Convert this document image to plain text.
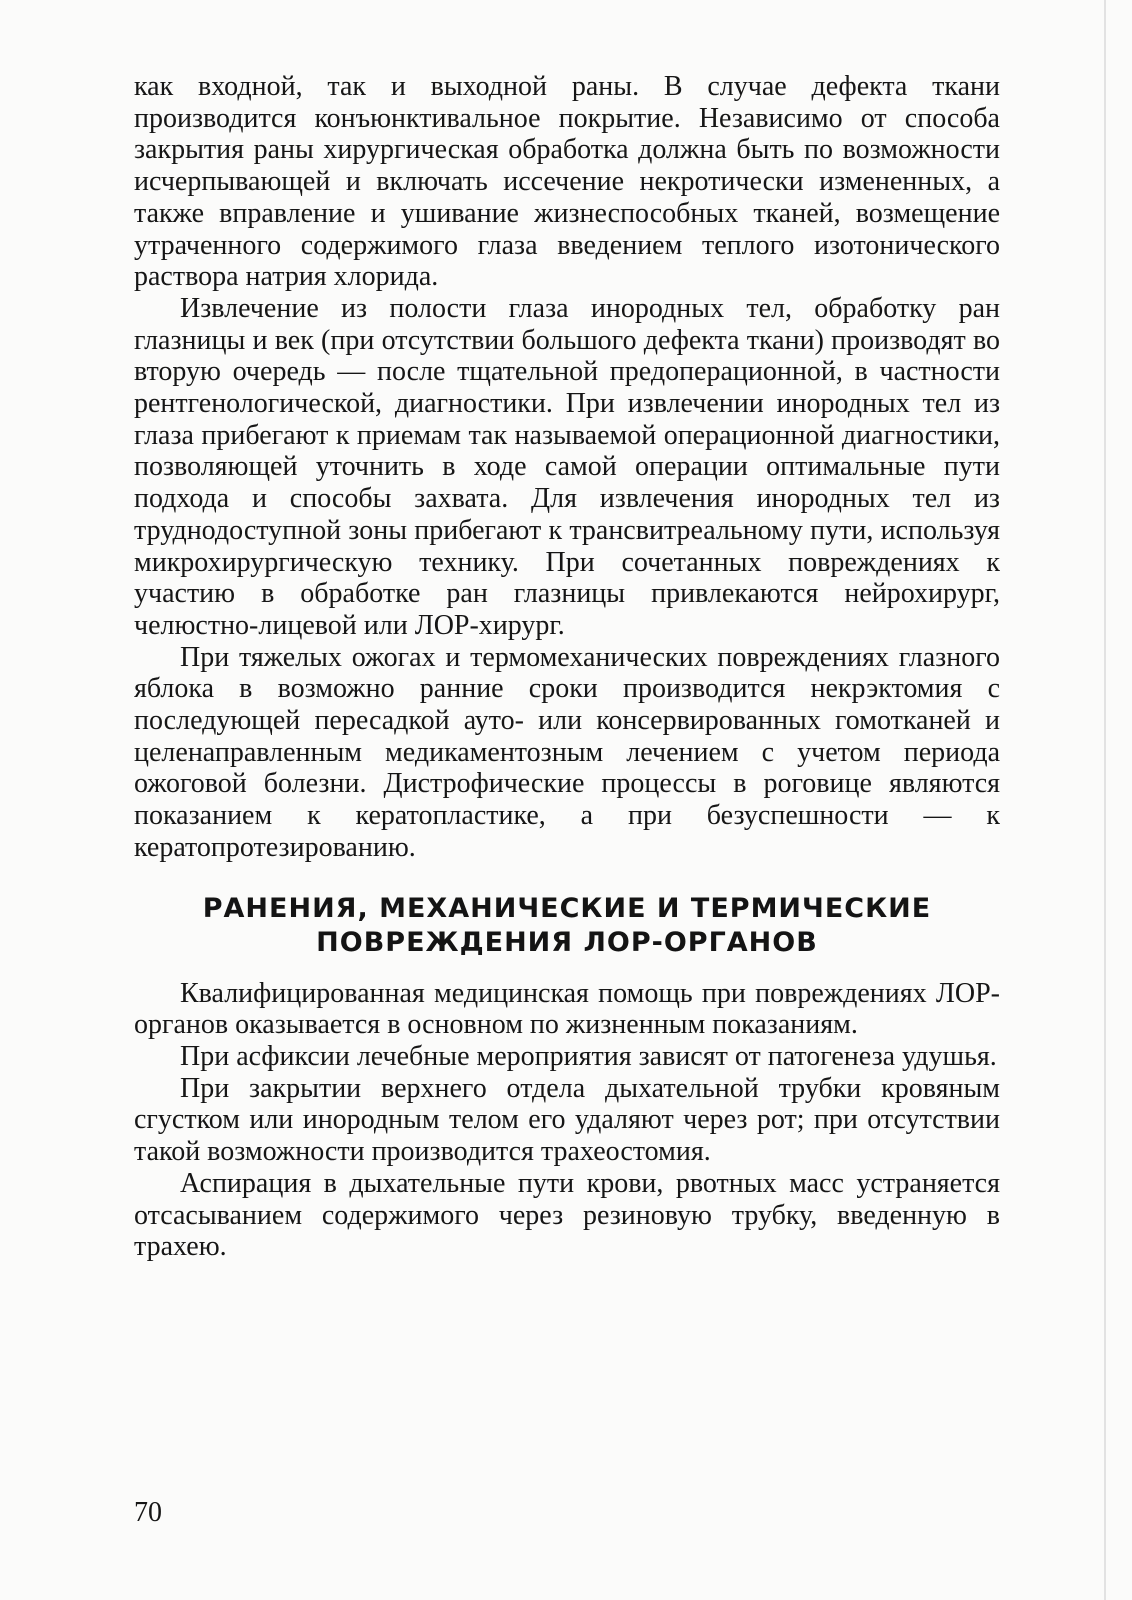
как входной, так и выходной раны. В случае дефекта ткани производится конъюнктивальное покрытие. Независимо от способа закрытия раны хирургическая обработка должна быть по возможности исчерпывающей и включать иссечение некротически измененных, а также вправление и ушивание жизнеспособных тканей, возмещение утраченного содержимого глаза введением теплого изотонического раствора натрия хлорида.

Извлечение из полости глаза инородных тел, обработку ран глазницы и век (при отсутствии большого дефекта ткани) производят во вторую очередь — после тщательной предоперационной, в частности рентгенологической, диагностики. При извлечении инородных тел из глаза прибегают к приемам так называемой операционной диагностики, позволяющей уточнить в ходе самой операции оптимальные пути подхода и способы захвата. Для извлечения инородных тел из труднодоступной зоны прибегают к трансвитреальному пути, используя микрохирургическую технику. При сочетанных повреждениях к участию в обработке ран глазницы привлекаются нейрохирург, челюстно-лицевой или ЛОР-хирург.

При тяжелых ожогах и термомеханических повреждениях глазного яблока в возможно ранние сроки производится некрэктомия с последующей пересадкой ауто- или консервированных гомотканей и целенаправленным медикаментозным лечением с учетом периода ожоговой болезни. Дистрофические процессы в роговице являются показанием к кератопластике, а при безуспешности — к кератопротезированию.

РАНЕНИЯ, МЕХАНИЧЕСКИЕ И ТЕРМИЧЕСКИЕ
ПОВРЕЖДЕНИЯ ЛОР-ОРГАНОВ

Квалифицированная медицинская помощь при повреждениях ЛОР-органов оказывается в основном по жизненным показаниям.

При асфиксии лечебные мероприятия зависят от патогенеза удушья.

При закрытии верхнего отдела дыхательной трубки кровяным сгустком или инородным телом его удаляют через рот; при отсутствии такой возможности производится трахеостомия.

Аспирация в дыхательные пути крови, рвотных масс устраняется отсасыванием содержимого через резиновую трубку, введенную в трахею.

70
